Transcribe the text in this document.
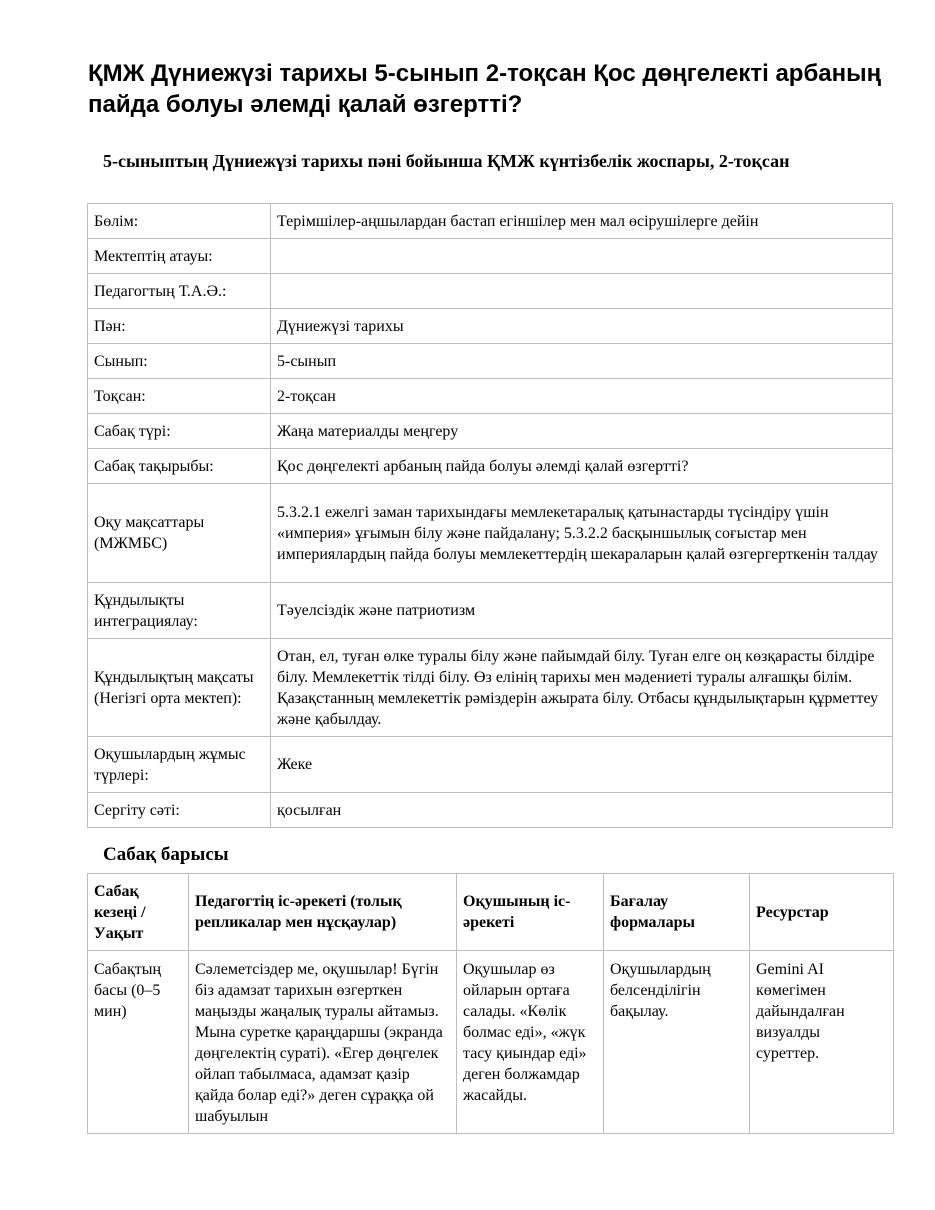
ҚМЖ Дүниежүзі тарихы 5-сынып 2-тоқсан Қос дөңгелекті арбаның пайда болуы әлемді қалай өзгертті?
5-сыныптың Дүниежүзі тарихы пәні бойынша ҚМЖ күнтізбелік жоспары, 2-тоқсан
Бөлім:	Терімшілер-аңшылардан бастап егіншілер мен мал өсірушілерге дейін
Мектептің атауы:	
Педагогтың Т.А.Ә.:	
Пән:	Дүниежүзі тарихы
Сынып:	5-сынып
Тоқсан:	2-тоқсан
Сабақ түрі:	Жаңа материалды меңгеру
Сабақ тақырыбы:	Қос дөңгелекті арбаның пайда болуы әлемді қалай өзгертті?
Оқу мақсаттары (МЖМБС)	5.3.2.1 ежелгі заман тарихындағы мемлекетаралық қатынастарды түсіндіру үшін «империя» ұғымын білу және пайдалану; 5.3.2.2 басқыншылық соғыстар мен империялардың пайда болуы мемлекеттердің шекараларын қалай өзгергерткенін талдау
Құндылықты интеграциялау:	Тәуелсіздік және патриотизм
Құндылықтың мақсаты (Негізгі орта мектеп):	Отан, ел, туған өлке туралы білу және пайымдай білу. Туған елге оң көзқарасты білдіре білу. Мемлекеттік тілді білу. Өз елінің тарихы мен мәдениеті туралы алғашқы білім. Қазақстанның мемлекеттік рәміздерін ажырата білу. Отбасы құндылықтарын құрметтеу және қабылдау.
Оқушылардың жұмыс түрлері:	Жеке
Сергіту сәті:	қосылған
Сабақ барысы
Сабақ кезеңі / Уақыт	Педагогтің іс-әрекеті (толық репликалар мен нұсқаулар)	Оқушының іс-әрекеті	Бағалау формалары	Ресурстар
Сабақтың басы (0–5 мин)	Сәлеметсіздер ме, оқушылар! Бүгін біз адамзат тарихын өзгерткен маңызды жаңалық туралы айтамыз. Мына суретке қараңдаршы (экранда дөңгелектің сураті). «Егер дөңгелек ойлап табылмаса, адамзат қазір қайда болар еді?» деген сұраққа ой шабуылын	Оқушылар өз ойларын ортаға салады. «Көлік болмас еді», «жүк тасу қиындар еді» деген болжамдар жасайды.	Оқушылардың белсенділігін бақылау.	Gemini AI көмегімен дайындалған визуалды суреттер.
